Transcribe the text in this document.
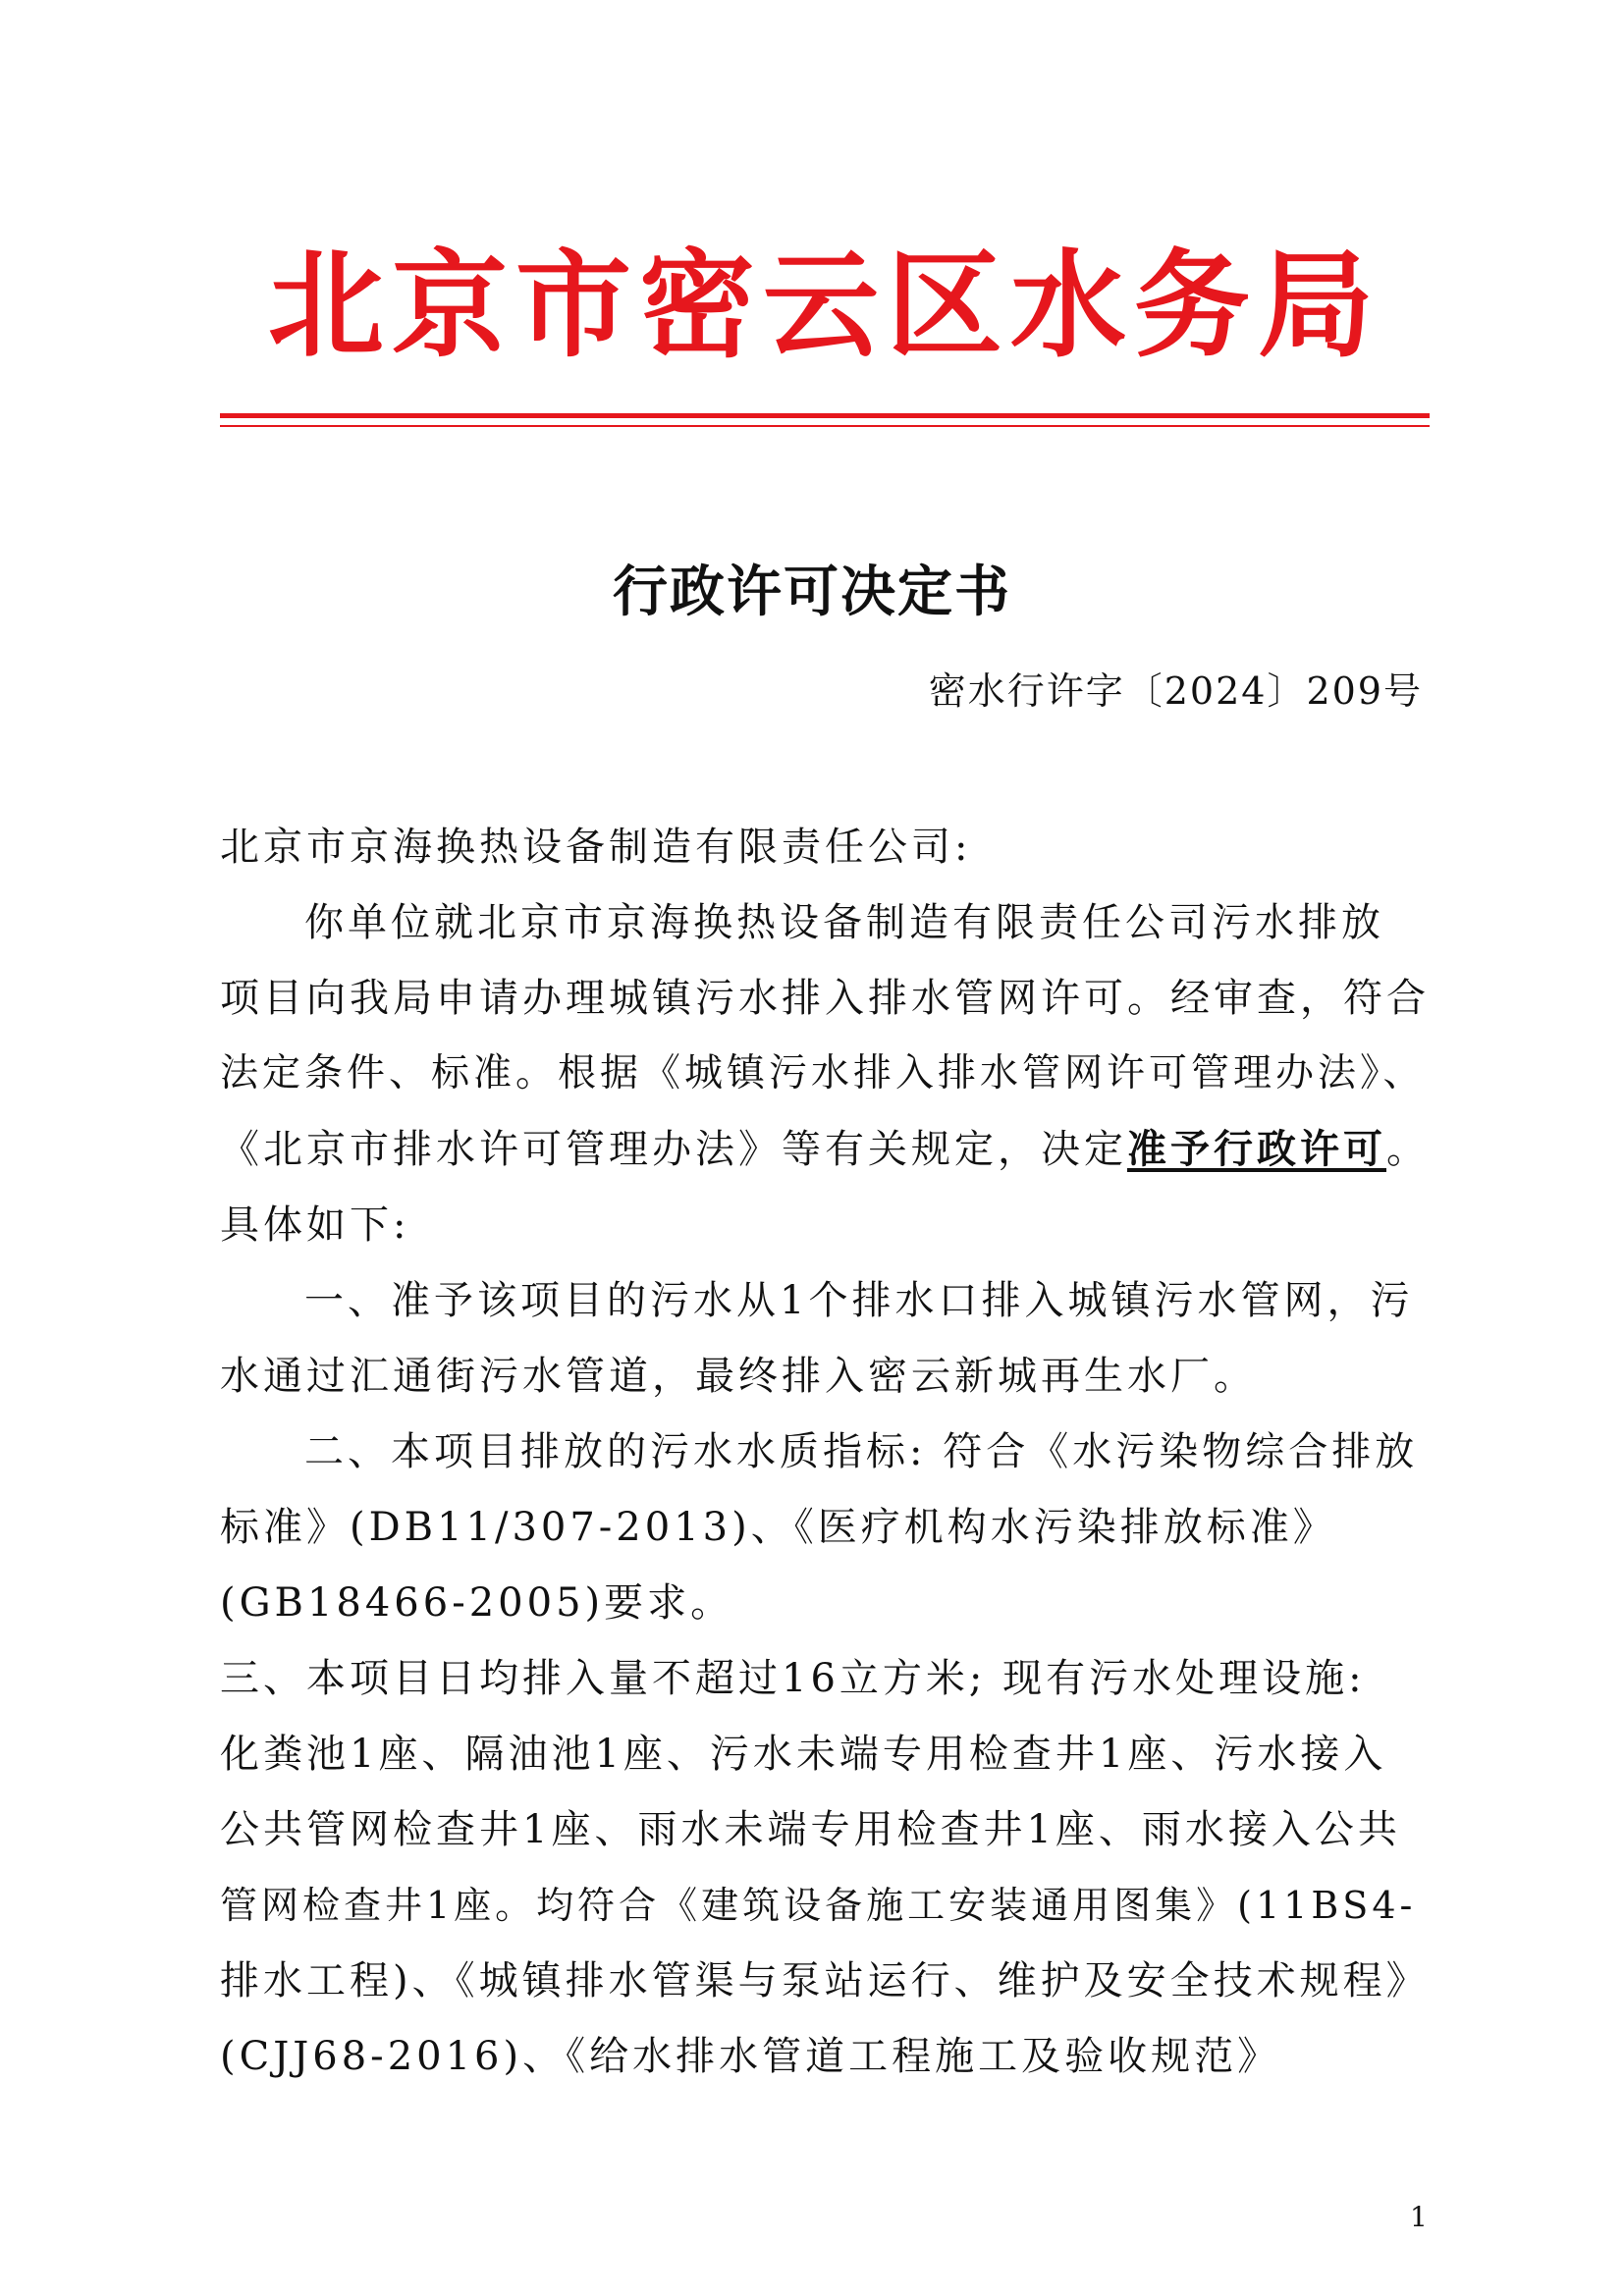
北京市密云区水务局
行政许可决定书
密水行许字〔2024〕209号
北京市京海换热设备制造有限责任公司:
你单位就北京市京海换热设备制造有限责任公司污水排放
项目向我局申请办理城镇污水排入排水管网许可。经审查，符合
法定条件、标准。根据《城镇污水排入排水管网许可管理办法》、
《北京市排水许可管理办法》等有关规定，决定准予行政许可。
具体如下:
一、准予该项目的污水从1个排水口排入城镇污水管网，污
水通过汇通街污水管道，最终排入密云新城再生水厂。
二、本项目排放的污水水质指标: 符合《水污染物综合排放
标准》(DB11/307-2013)、《医疗机构水污染排放标准》
(GB18466-2005)要求。
三、本项目日均排入量不超过16立方米; 现有污水处理设施:
化粪池1座、隔油池1座、污水未端专用检查井1座、污水接入
公共管网检查井1座、雨水未端专用检查井1座、雨水接入公共
管网检查井1座。均符合《建筑设备施工安装通用图集》(11BS4-
排水工程)、《城镇排水管渠与泵站运行、维护及安全技术规程》
(CJJ68-2016)、《给水排水管道工程施工及验收规范》
1
